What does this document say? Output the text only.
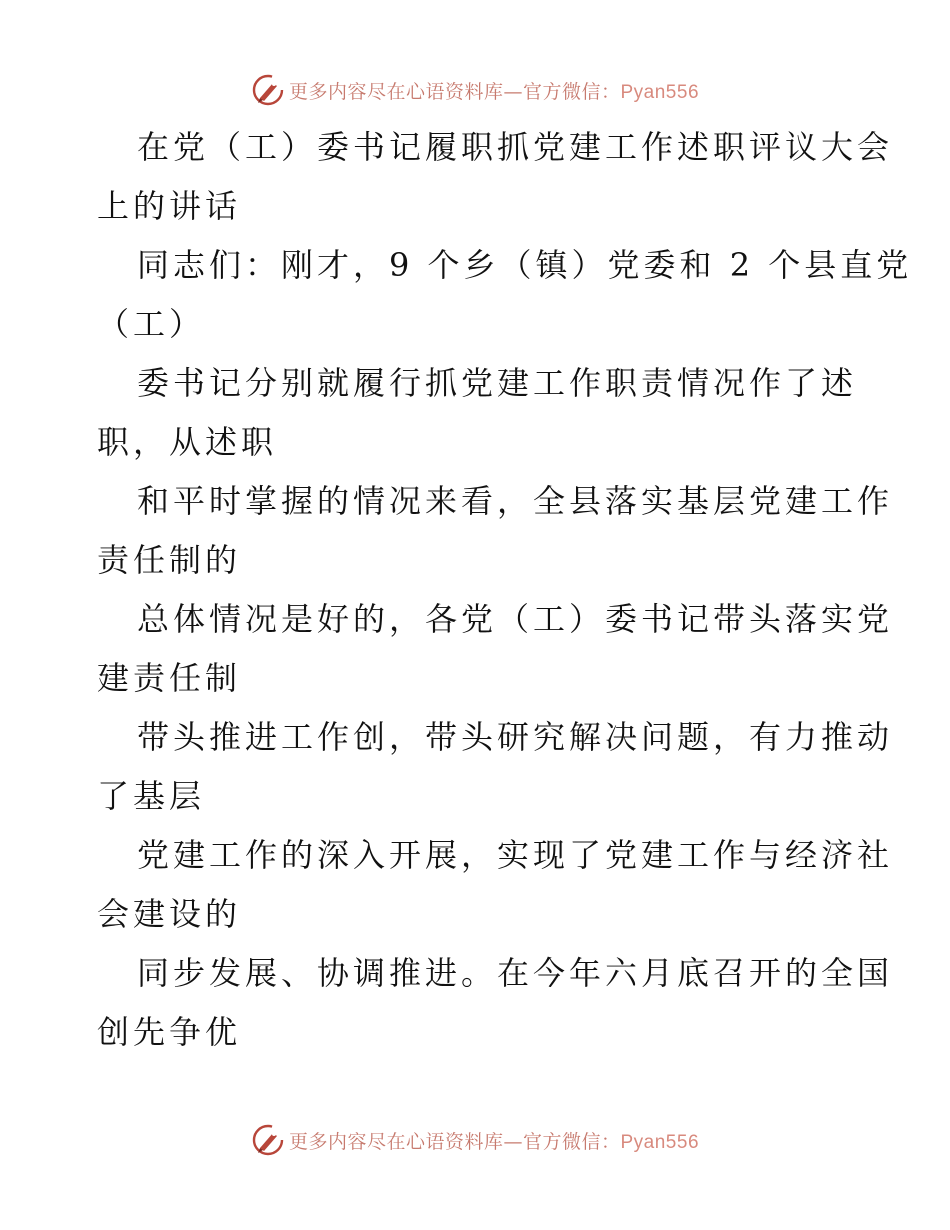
更多内容尽在心语资料库—官方微信：Pyan556
在党（工）委书记履职抓党建工作述职评议大会
上的讲话
同志们：刚才，9 个乡（镇）党委和 2 个县直党
（工）
委书记分别就履行抓党建工作职责情况作了述
职，从述职
和平时掌握的情况来看，全县落实基层党建工作
责任制的
总体情况是好的，各党（工）委书记带头落实党
建责任制
带头推进工作创，带头研究解决问题，有力推动
了基层
党建工作的深入开展，实现了党建工作与经济社
会建设的
同步发展、协调推进。在今年六月底召开的全国
创先争优
更多内容尽在心语资料库—官方微信：Pyan556
